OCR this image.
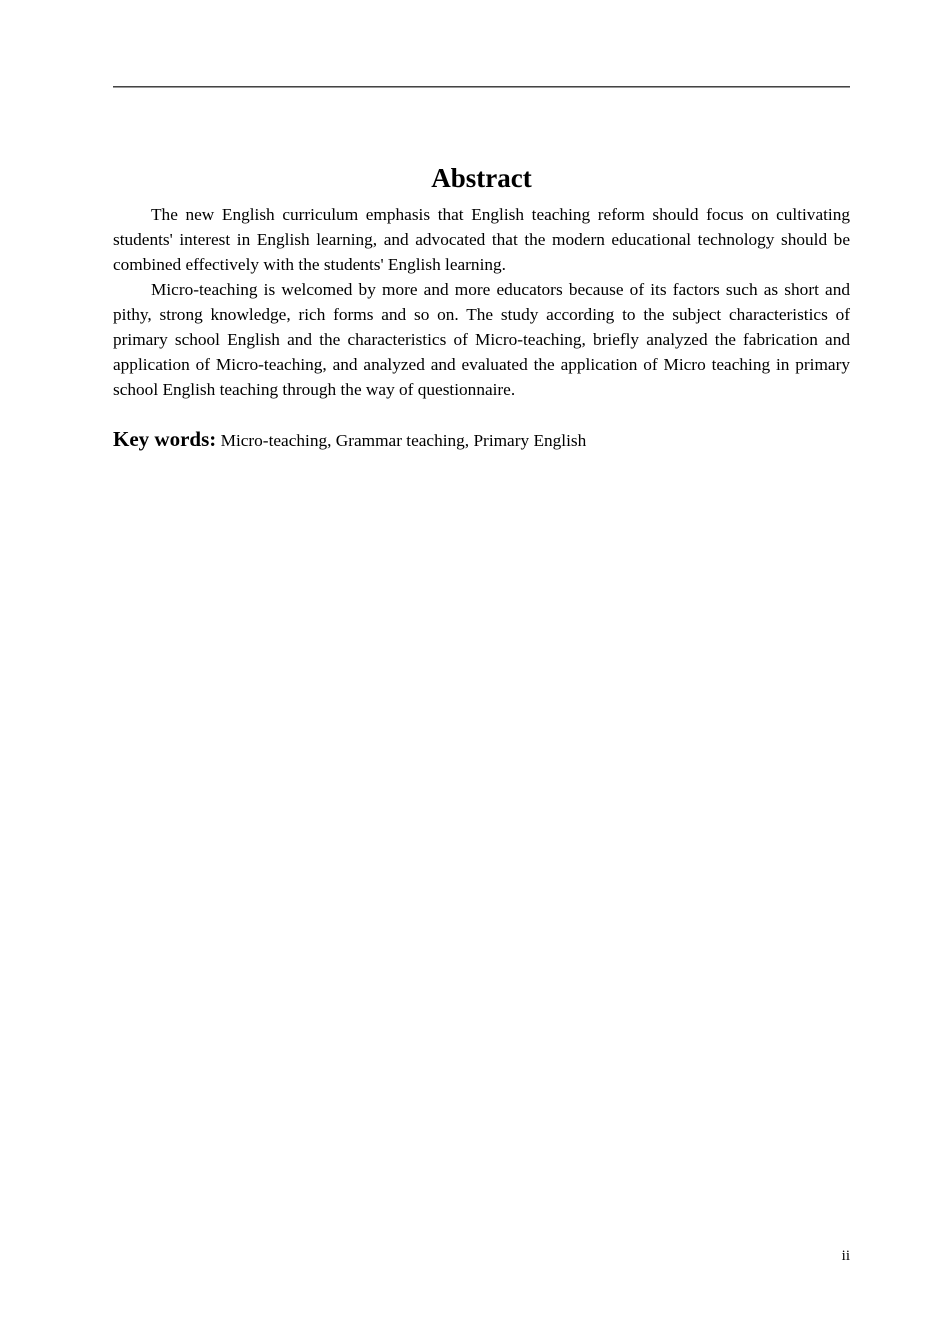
Abstract

The new English curriculum emphasis that English teaching reform should focus on cultivating students' interest in English learning, and advocated that the modern educational technology should be combined effectively with the students' English learning.

Micro-teaching is welcomed by more and more educators because of its factors such as short and pithy, strong knowledge, rich forms and so on. The study according to the subject characteristics of primary school English and the characteristics of Micro-teaching, briefly analyzed the fabrication and application of Micro-teaching, and analyzed and evaluated the application of Micro teaching in primary school English teaching through the way of questionnaire.

Key words: Micro-teaching, Grammar teaching, Primary English
ii
